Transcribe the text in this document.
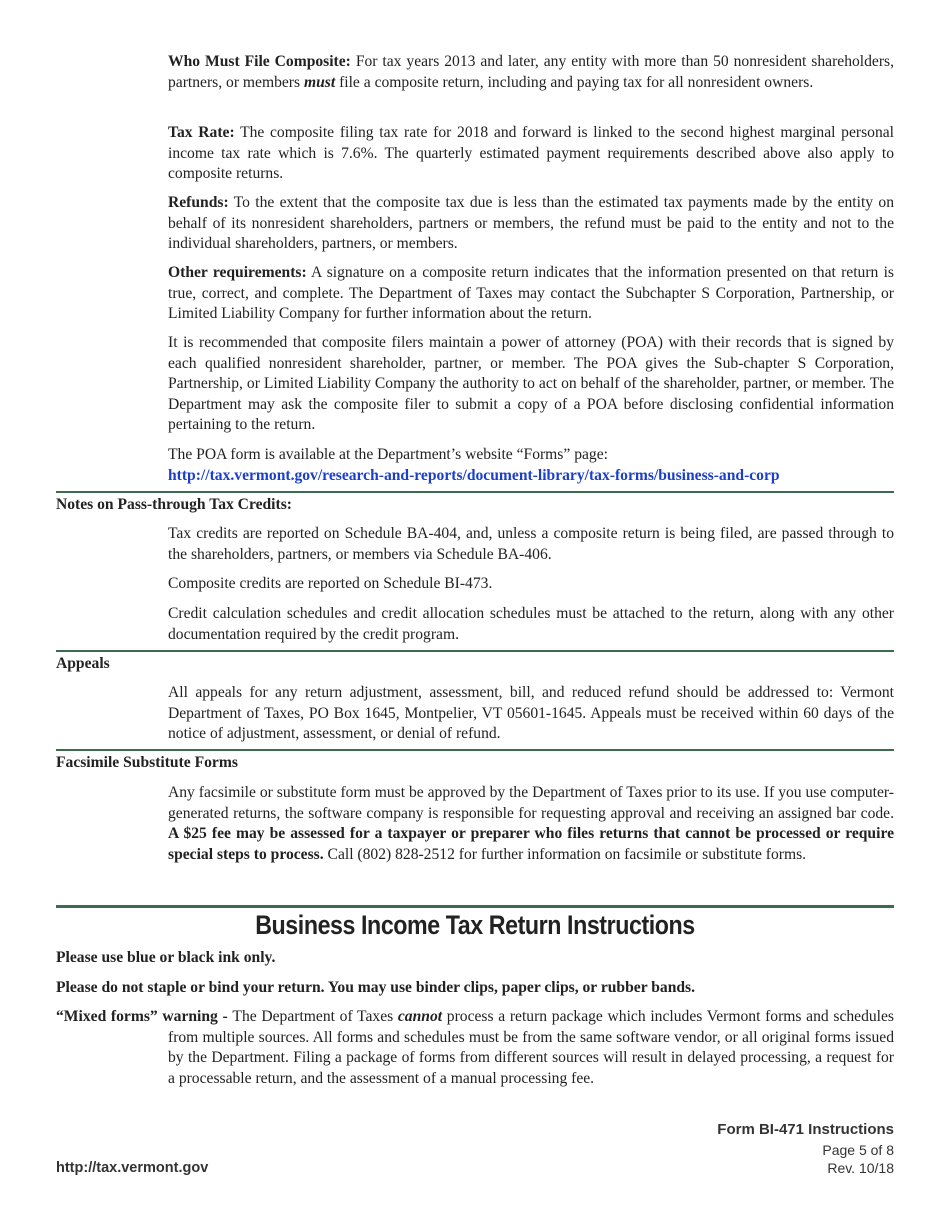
Who Must File Composite: For tax years 2013 and later, any entity with more than 50 nonresident shareholders, partners, or members must file a composite return, including and paying tax for all nonresident owners.

Tax Rate: The composite filing tax rate for 2018 and forward is linked to the second highest marginal personal income tax rate which is 7.6%. The quarterly estimated payment requirements described above also apply to composite returns.

Refunds: To the extent that the composite tax due is less than the estimated tax payments made by the entity on behalf of its nonresident shareholders, partners or members, the refund must be paid to the entity and not to the individual shareholders, partners, or members.

Other requirements: A signature on a composite return indicates that the information presented on that return is true, correct, and complete. The Department of Taxes may contact the Subchapter S Corporation, Partnership, or Limited Liability Company for further information about the return.

It is recommended that composite filers maintain a power of attorney (POA) with their records that is signed by each qualified nonresident shareholder, partner, or member. The POA gives the Sub-chapter S Corporation, Partnership, or Limited Liability Company the authority to act on behalf of the shareholder, partner, or member. The Department may ask the composite filer to submit a copy of a POA before disclosing confidential information pertaining to the return.

The POA form is available at the Department’s website “Forms” page:
http://tax.vermont.gov/research-and-reports/document-library/tax-forms/business-and-corp

Notes on Pass-through Tax Credits:

Tax credits are reported on Schedule BA-404, and, unless a composite return is being filed, are passed through to the shareholders, partners, or members via Schedule BA-406.

Composite credits are reported on Schedule BI-473.

Credit calculation schedules and credit allocation schedules must be attached to the return, along with any other documentation required by the credit program.

Appeals

All appeals for any return adjustment, assessment, bill, and reduced refund should be addressed to: Vermont Department of Taxes, PO Box 1645, Montpelier, VT 05601-1645. Appeals must be received within 60 days of the notice of adjustment, assessment, or denial of refund.

Facsimile Substitute Forms

Any facsimile or substitute form must be approved by the Department of Taxes prior to its use. If you use computer-generated returns, the software company is responsible for requesting approval and receiving an assigned bar code. A $25 fee may be assessed for a taxpayer or preparer who files returns that cannot be processed or require special steps to process. Call (802) 828-2512 for further information on facsimile or substitute forms.

Business Income Tax Return Instructions

Please use blue or black ink only.

Please do not staple or bind your return. You may use binder clips, paper clips, or rubber bands.

“Mixed forms” warning - The Department of Taxes cannot process a return package which includes Vermont forms and schedules from multiple sources. All forms and schedules must be from the same software vendor, or all original forms issued by the Department. Filing a package of forms from different sources will result in delayed processing, a request for a processable return, and the assessment of a manual processing fee.

Form BI-471 Instructions
Page 5 of 8
Rev. 10/18
http://tax.vermont.gov
